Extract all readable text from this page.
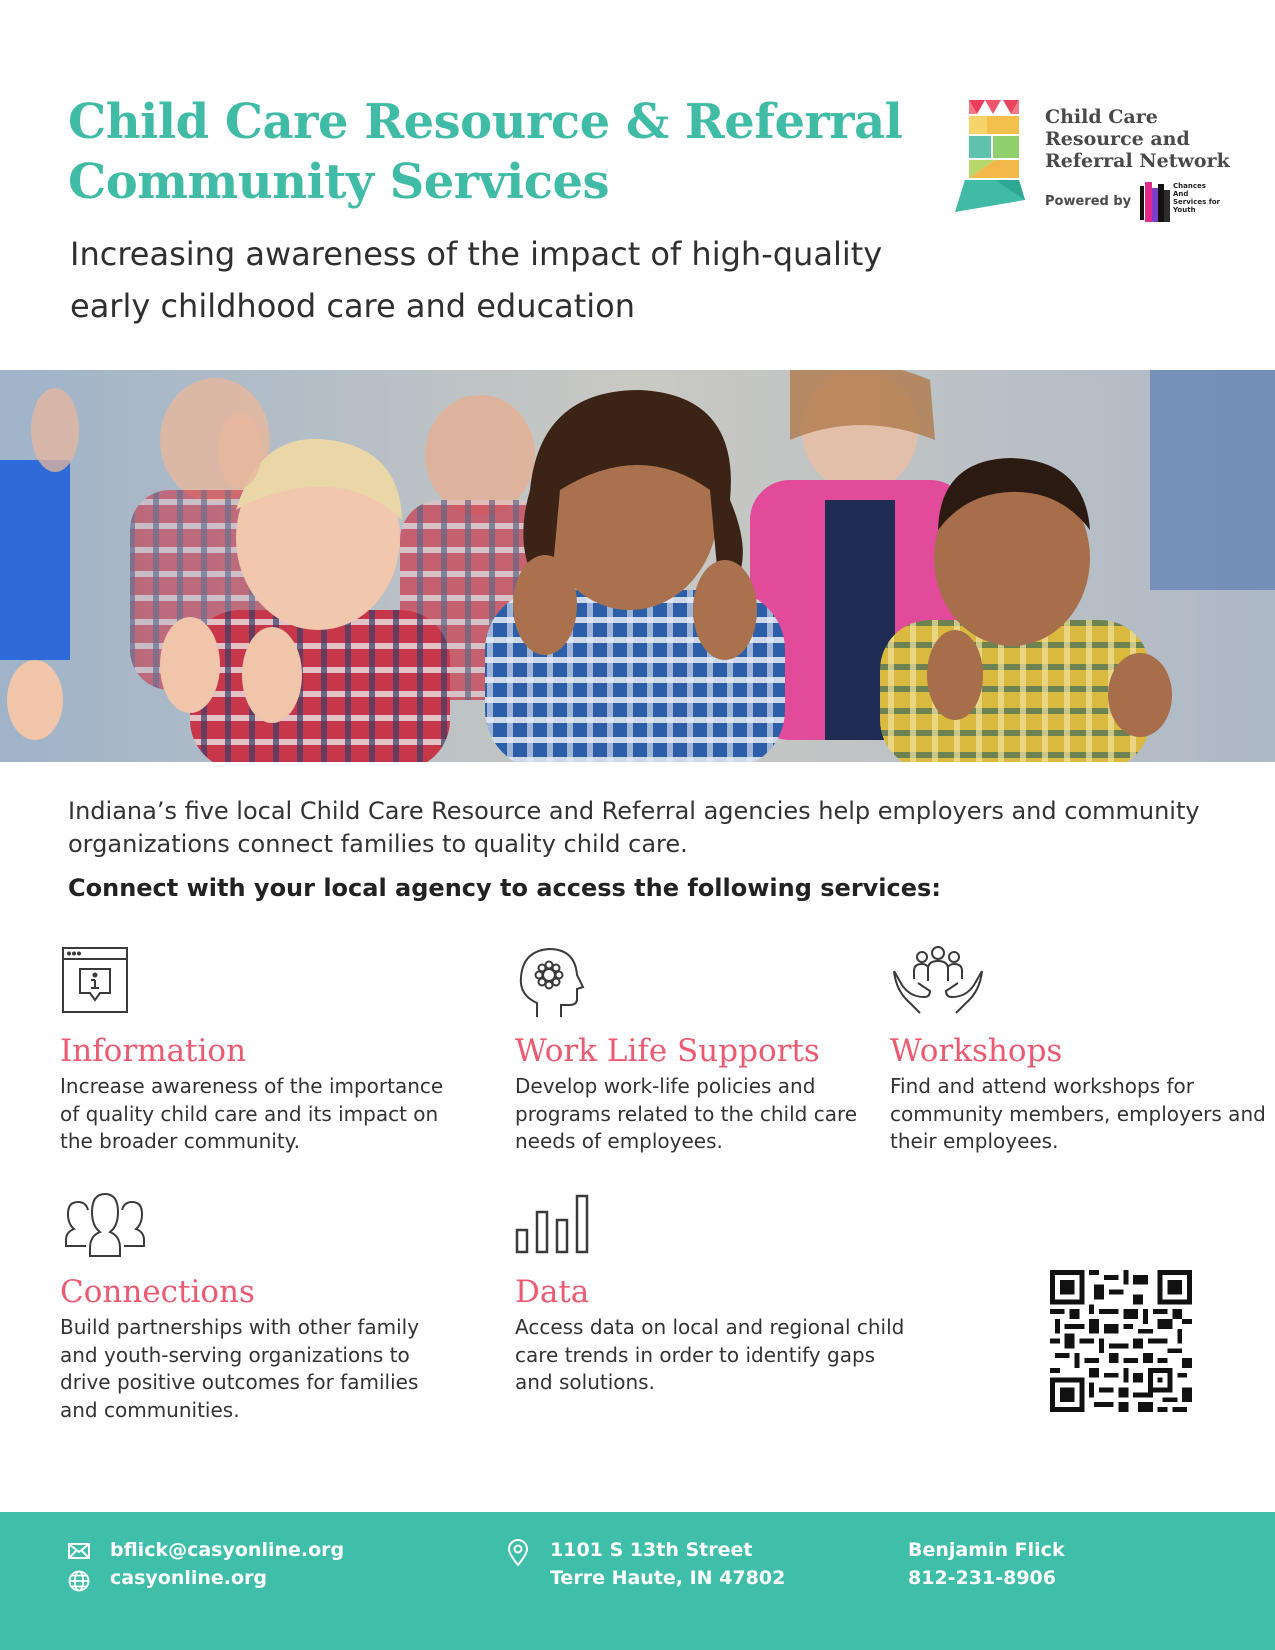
Child Care Resource & Referral
Community Services
Increasing awareness of the impact of high-quality
early childhood care and education
Child Care
Resource and
Referral Network
Powered by
Chances
And
Services for
Youth

Indiana’s five local Child Care Resource and Referral agencies help employers and community organizations connect families to quality child care.

Connect with your local agency to access the following services:

Information

Increase awareness of the importance of quality child care and its impact on the broader community.

Work Life Supports

Develop work-life policies and programs related to the child care needs of employees.

Workshops

Find and attend workshops for community members, employers and their employees.

Connections

Build partnerships with other family and youth-serving organizations to drive positive outcomes for families and communities.

Data

Access data on local and regional child care trends in order to identify gaps and solutions.

bflick@casyonline.org
casyonline.org
1101 S 13th Street
Terre Haute, IN 47802
Benjamin Flick
812-231-8906
